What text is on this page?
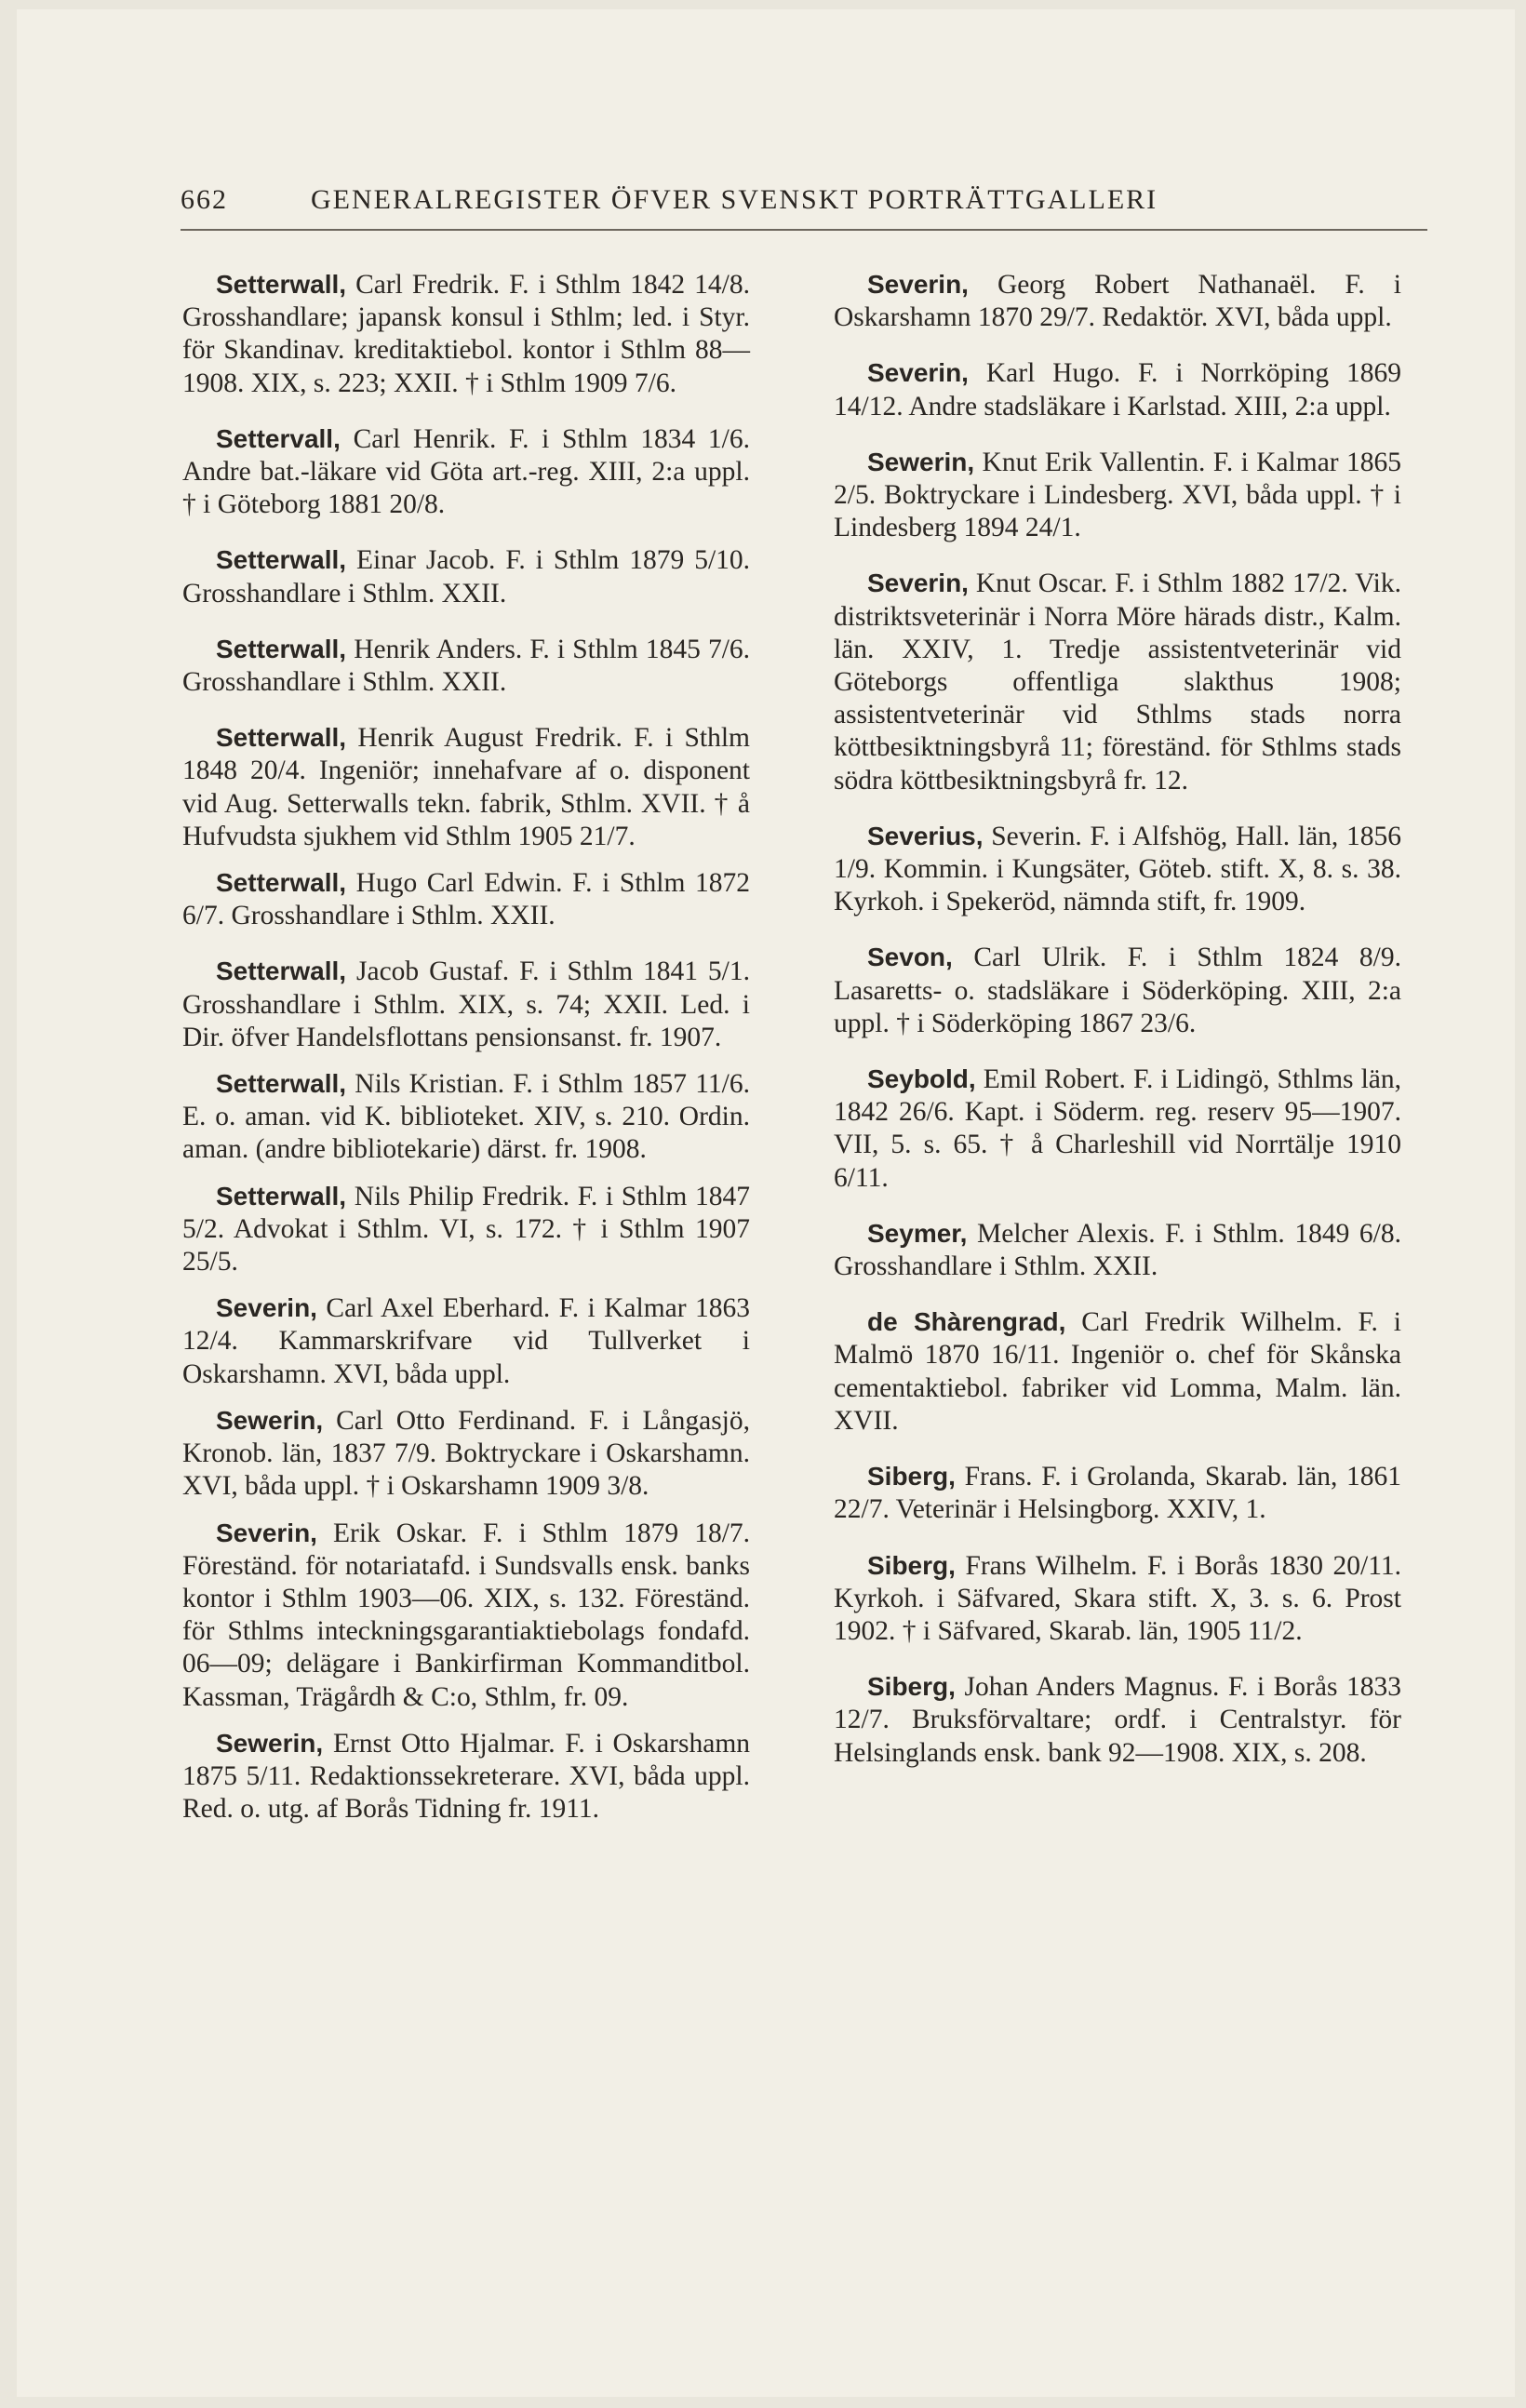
662	GENERALREGISTER ÖFVER SVENSKT PORTRÄTTGALLERI

Setterwall, Carl Fredrik. F. i Sthlm 1842 14/8. Grosshandlare; japansk konsul i Sthlm; led. i Styr. för Skandinav. kreditaktiebol. kontor i Sthlm 88—1908. XIX, s. 223; XXII. † i Sthlm 1909 7/6.

Settervall, Carl Henrik. F. i Sthlm 1834 1/6. Andre bat.-läkare vid Göta art.-reg. XIII, 2:a uppl. † i Göteborg 1881 20/8.

Setterwall, Einar Jacob. F. i Sthlm 1879 5/10. Grosshandlare i Sthlm. XXII.

Setterwall, Henrik Anders. F. i Sthlm 1845 7/6. Grosshandlare i Sthlm. XXII.

Setterwall, Henrik August Fredrik. F. i Sthlm 1848 20/4. Ingeniör; innehafvare af o. disponent vid Aug. Setterwalls tekn. fabrik, Sthlm. XVII. † å Hufvudsta sjukhem vid Sthlm 1905 21/7.

Setterwall, Hugo Carl Edwin. F. i Sthlm 1872 6/7. Grosshandlare i Sthlm. XXII.

Setterwall, Jacob Gustaf. F. i Sthlm 1841 5/1. Grosshandlare i Sthlm. XIX, s. 74; XXII. Led. i Dir. öfver Handelsflottans pensionsanst. fr. 1907.

Setterwall, Nils Kristian. F. i Sthlm 1857 11/6. E. o. aman. vid K. biblioteket. XIV, s. 210. Ordin. aman. (andre bibliotekarie) därst. fr. 1908.

Setterwall, Nils Philip Fredrik. F. i Sthlm 1847 5/2. Advokat i Sthlm. VI, s. 172. † i Sthlm 1907 25/5.

Severin, Carl Axel Eberhard. F. i Kalmar 1863 12/4. Kammarskrifvare vid Tullverket i Oskarshamn. XVI, båda uppl.

Sewerin, Carl Otto Ferdinand. F. i Långasjö, Kronob. län, 1837 7/9. Boktryckare i Oskarshamn. XVI, båda uppl. † i Oskarshamn 1909 3/8.

Severin, Erik Oskar. F. i Sthlm 1879 18/7. Föreständ. för notariatafd. i Sundsvalls ensk. banks kontor i Sthlm 1903—06. XIX, s. 132. Föreständ. för Sthlms inteckningsgarantiaktiebolags fondafd. 06—09; delägare i Bankirfirman Kommanditbol. Kassman, Trägårdh & C:o, Sthlm, fr. 09.

Sewerin, Ernst Otto Hjalmar. F. i Oskarshamn 1875 5/11. Redaktionssekreterare. XVI, båda uppl. Red. o. utg. af Borås Tidning fr. 1911.

Severin, Georg Robert Nathanaël. F. i Oskarshamn 1870 29/7. Redaktör. XVI, båda uppl.

Severin, Karl Hugo. F. i Norrköping 1869 14/12. Andre stadsläkare i Karlstad. XIII, 2:a uppl.

Sewerin, Knut Erik Vallentin. F. i Kalmar 1865 2/5. Boktryckare i Lindesberg. XVI, båda uppl. † i Lindesberg 1894 24/1.

Severin, Knut Oscar. F. i Sthlm 1882 17/2. Vik. distriktsveterinär i Norra Möre härads distr., Kalm. län. XXIV, 1. Tredje assistentveterinär vid Göteborgs offentliga slakthus 1908; assistentveterinär vid Sthlms stads norra köttbesiktningsbyrå 11; föreständ. för Sthlms stads södra köttbesiktningsbyrå fr. 12.

Severius, Severin. F. i Alfshög, Hall. län, 1856 1/9. Kommin. i Kungsäter, Göteb. stift. X, 8. s. 38. Kyrkoh. i Spekeröd, nämnda stift, fr. 1909.

Sevon, Carl Ulrik. F. i Sthlm 1824 8/9. Lasaretts- o. stadsläkare i Söderköping. XIII, 2:a uppl. † i Söderköping 1867 23/6.

Seybold, Emil Robert. F. i Lidingö, Sthlms län, 1842 26/6. Kapt. i Söderm. reg. reserv 95—1907. VII, 5. s. 65. † å Charleshill vid Norrtälje 1910 6/11.

Seymer, Melcher Alexis. F. i Sthlm. 1849 6/8. Grosshandlare i Sthlm. XXII.

de Shàrengrad, Carl Fredrik Wilhelm. F. i Malmö 1870 16/11. Ingeniör o. chef för Skånska cementaktiebol. fabriker vid Lomma, Malm. län. XVII.

Siberg, Frans. F. i Grolanda, Skarab. län, 1861 22/7. Veterinär i Helsingborg. XXIV, 1.

Siberg, Frans Wilhelm. F. i Borås 1830 20/11. Kyrkoh. i Säfvared, Skara stift. X, 3. s. 6. Prost 1902. † i Säfvared, Skarab. län, 1905 11/2.

Siberg, Johan Anders Magnus. F. i Borås 1833 12/7. Bruksförvaltare; ordf. i Centralstyr. för Helsinglands ensk. bank 92—1908. XIX, s. 208.
